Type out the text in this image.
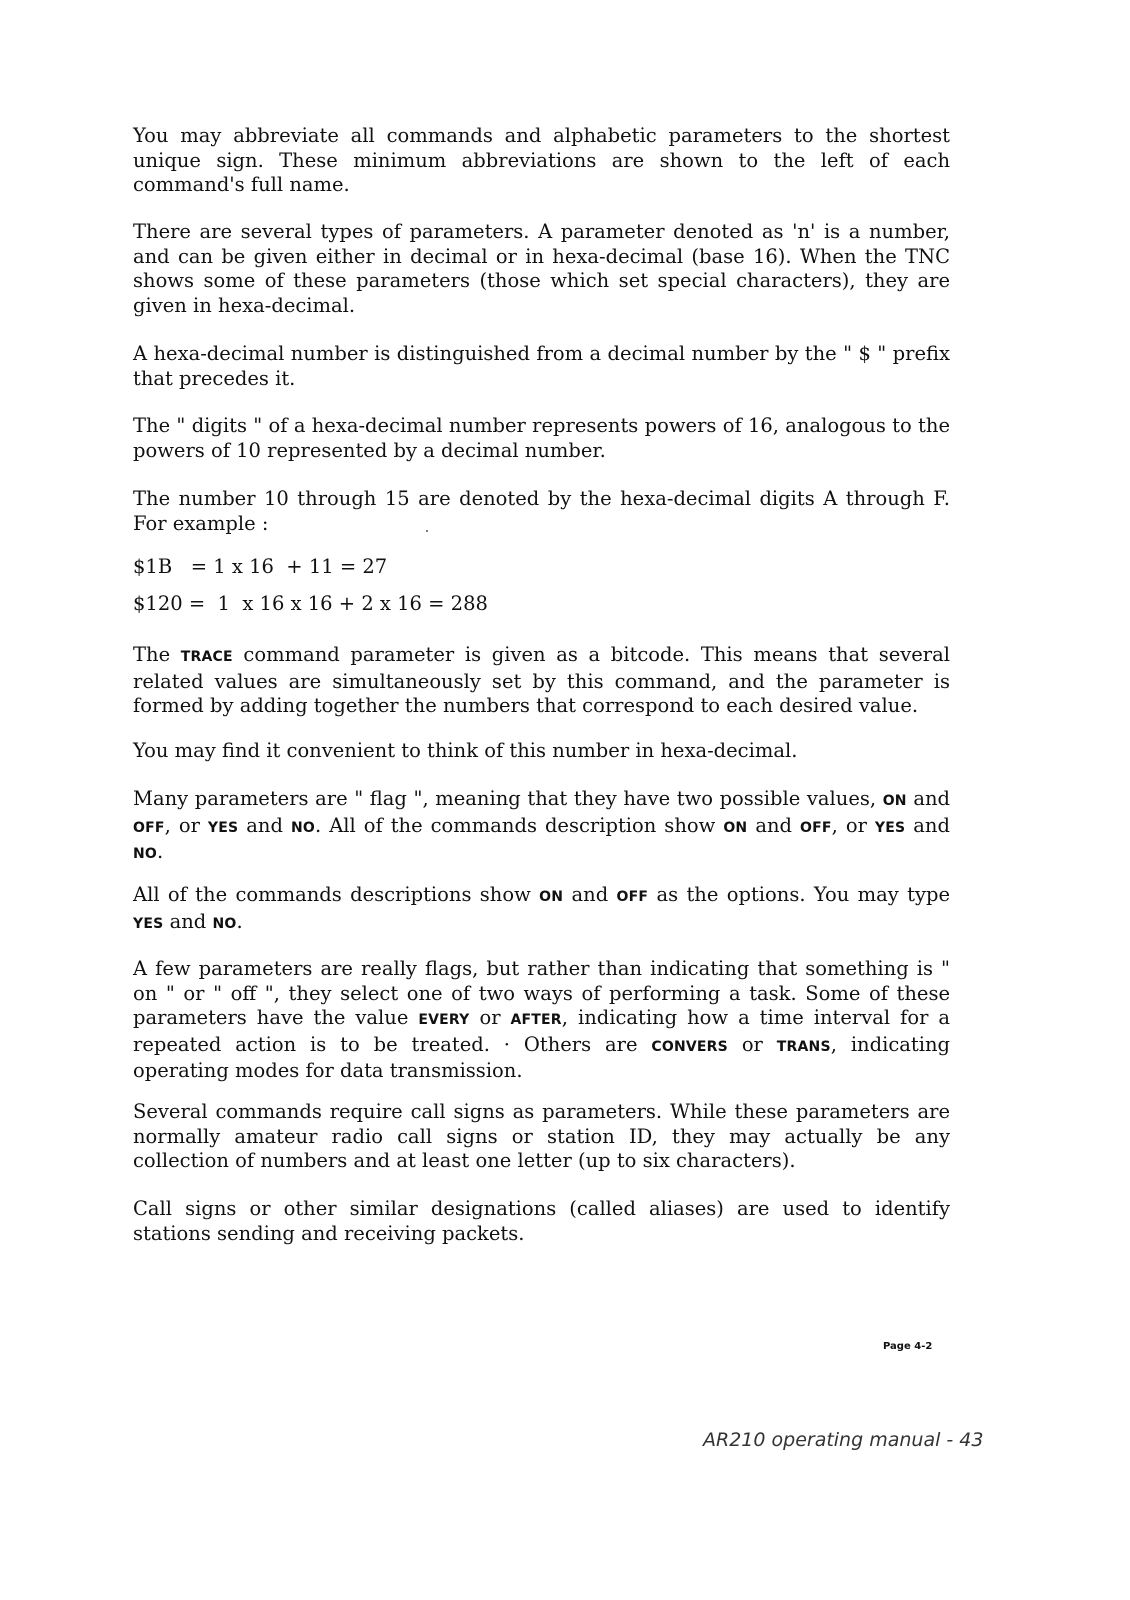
You may abbreviate all commands and alphabetic parameters to the shortest unique sign. These minimum abbreviations are shown to the left of each command's full name.

There are several types of parameters. A parameter denoted as 'n' is a number, and can be given either in decimal or in hexa-decimal (base 16). When the TNC shows some of these parameters (those which set special characters), they are given in hexa-decimal.

A hexa-decimal number is distinguished from a decimal number by the " $ " prefix that precedes it.

The " digits " of a hexa-decimal number represents powers of 16, analogous to the powers of 10 represented by a decimal number.

The number 10 through 15 are denoted by the hexa-decimal digits A through F. For example :

$1B   = 1 x 16  + 11 = 27

$120 =  1  x 16 x 16 + 2 x 16 = 288

The TRACE command parameter is given as a bitcode. This means that several related values are simultaneously set by this command, and the parameter is formed by adding together the numbers that correspond to each desired value.

You may find it convenient to think of this number in hexa-decimal.

Many parameters are " flag ", meaning that they have two possible values, ON and OFF, or YES and NO. All of the commands description show ON and OFF, or YES and NO.

All of the commands descriptions show ON and OFF as the options. You may type YES and NO.

A few parameters are really flags, but rather than indicating that something is " on " or " off ", they select one of two ways of performing a task. Some of these parameters have the value EVERY or AFTER, indicating how a time interval for a repeated action is to be treated. · Others are CONVERS or TRANS, indicating operating modes for data transmission.

Several commands require call signs as parameters. While these parameters are normally amateur radio call signs or station ID, they may actually be any collection of numbers and at least one letter (up to six characters).

Call signs or other similar designations (called aliases) are used to identify stations sending and receiving packets.

Page 4-2
AR210 operating manual - 43
